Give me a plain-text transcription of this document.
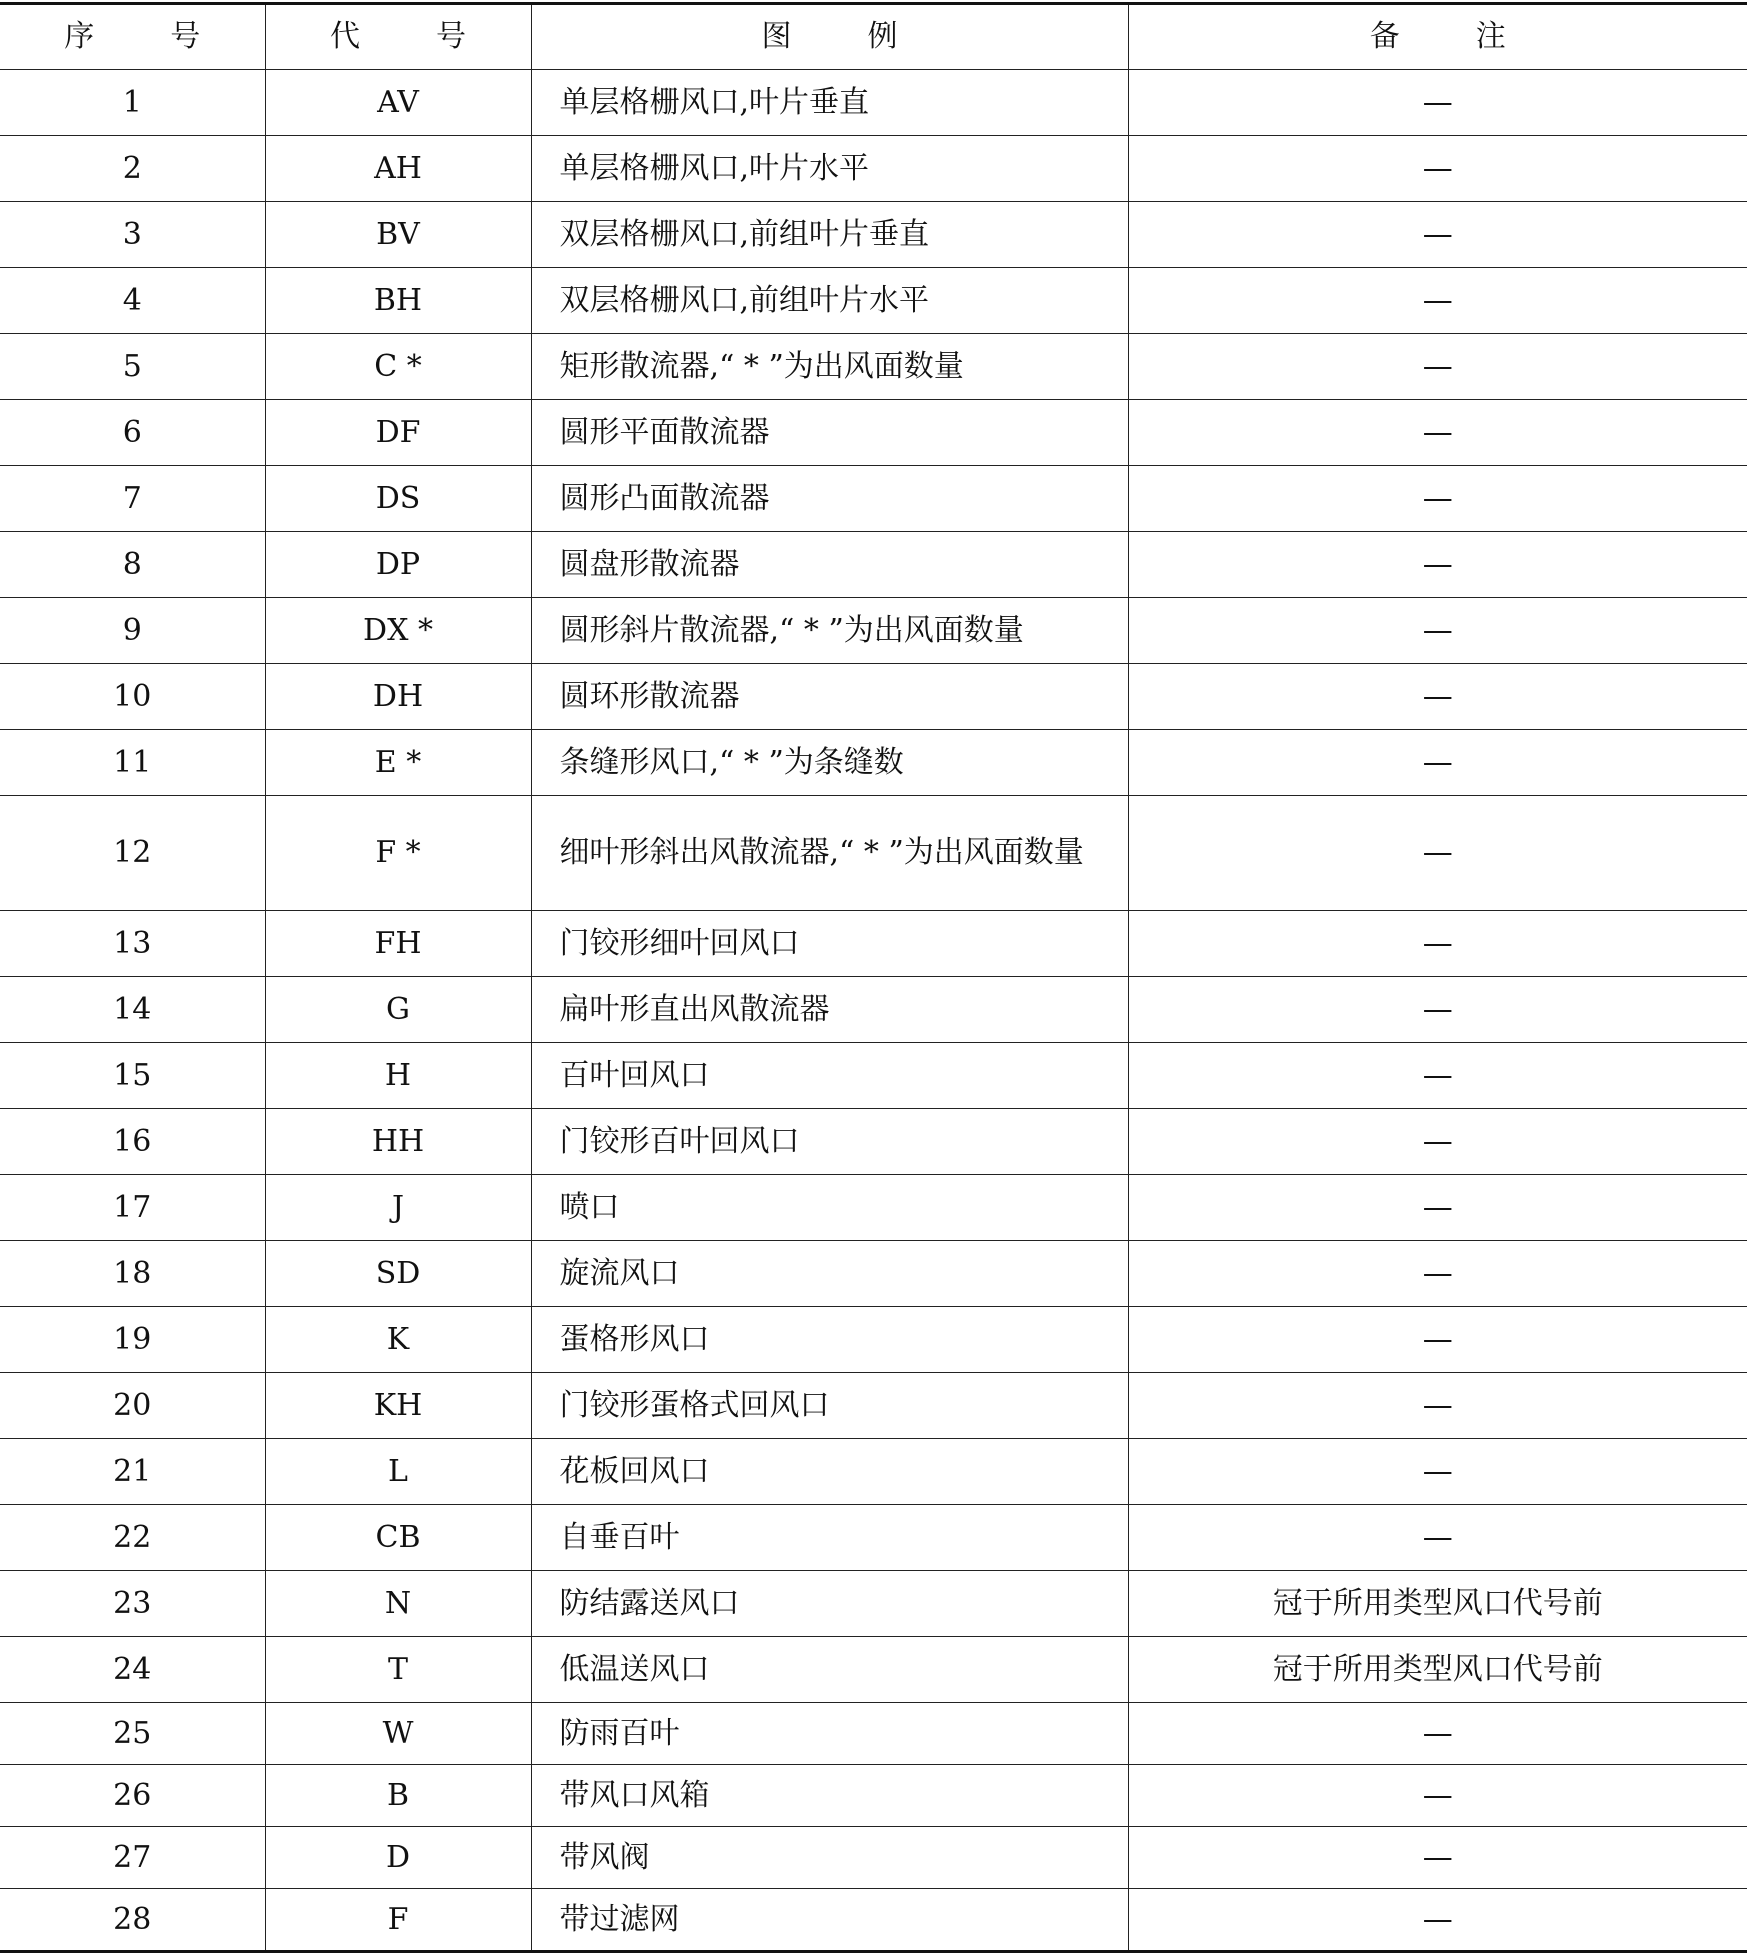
序 号	代 号	图 例	备 注
1	AV	单层格栅风口,叶片垂直	—
2	AH	单层格栅风口,叶片水平	—
3	BV	双层格栅风口,前组叶片垂直	—
4	BH	双层格栅风口,前组叶片水平	—
5	C *	矩形散流器,“ * ”为出风面数量	—
6	DF	圆形平面散流器	—
7	DS	圆形凸面散流器	—
8	DP	圆盘形散流器	—
9	DX *	圆形斜片散流器,“ * ”为出风面数量	—
10	DH	圆环形散流器	—
11	E *	条缝形风口,“ * ”为条缝数	—
12	F *	细叶形斜出风散流器,“ * ”为出风面数量	—
13	FH	门铰形细叶回风口	—
14	G	扁叶形直出风散流器	—
15	H	百叶回风口	—
16	HH	门铰形百叶回风口	—
17	J	喷口	—
18	SD	旋流风口	—
19	K	蛋格形风口	—
20	KH	门铰形蛋格式回风口	—
21	L	花板回风口	—
22	CB	自垂百叶	—
23	N	防结露送风口	冠于所用类型风口代号前
24	T	低温送风口	冠于所用类型风口代号前
25	W	防雨百叶	—
26	B	带风口风箱	—
27	D	带风阀	—
28	F	带过滤网	—
